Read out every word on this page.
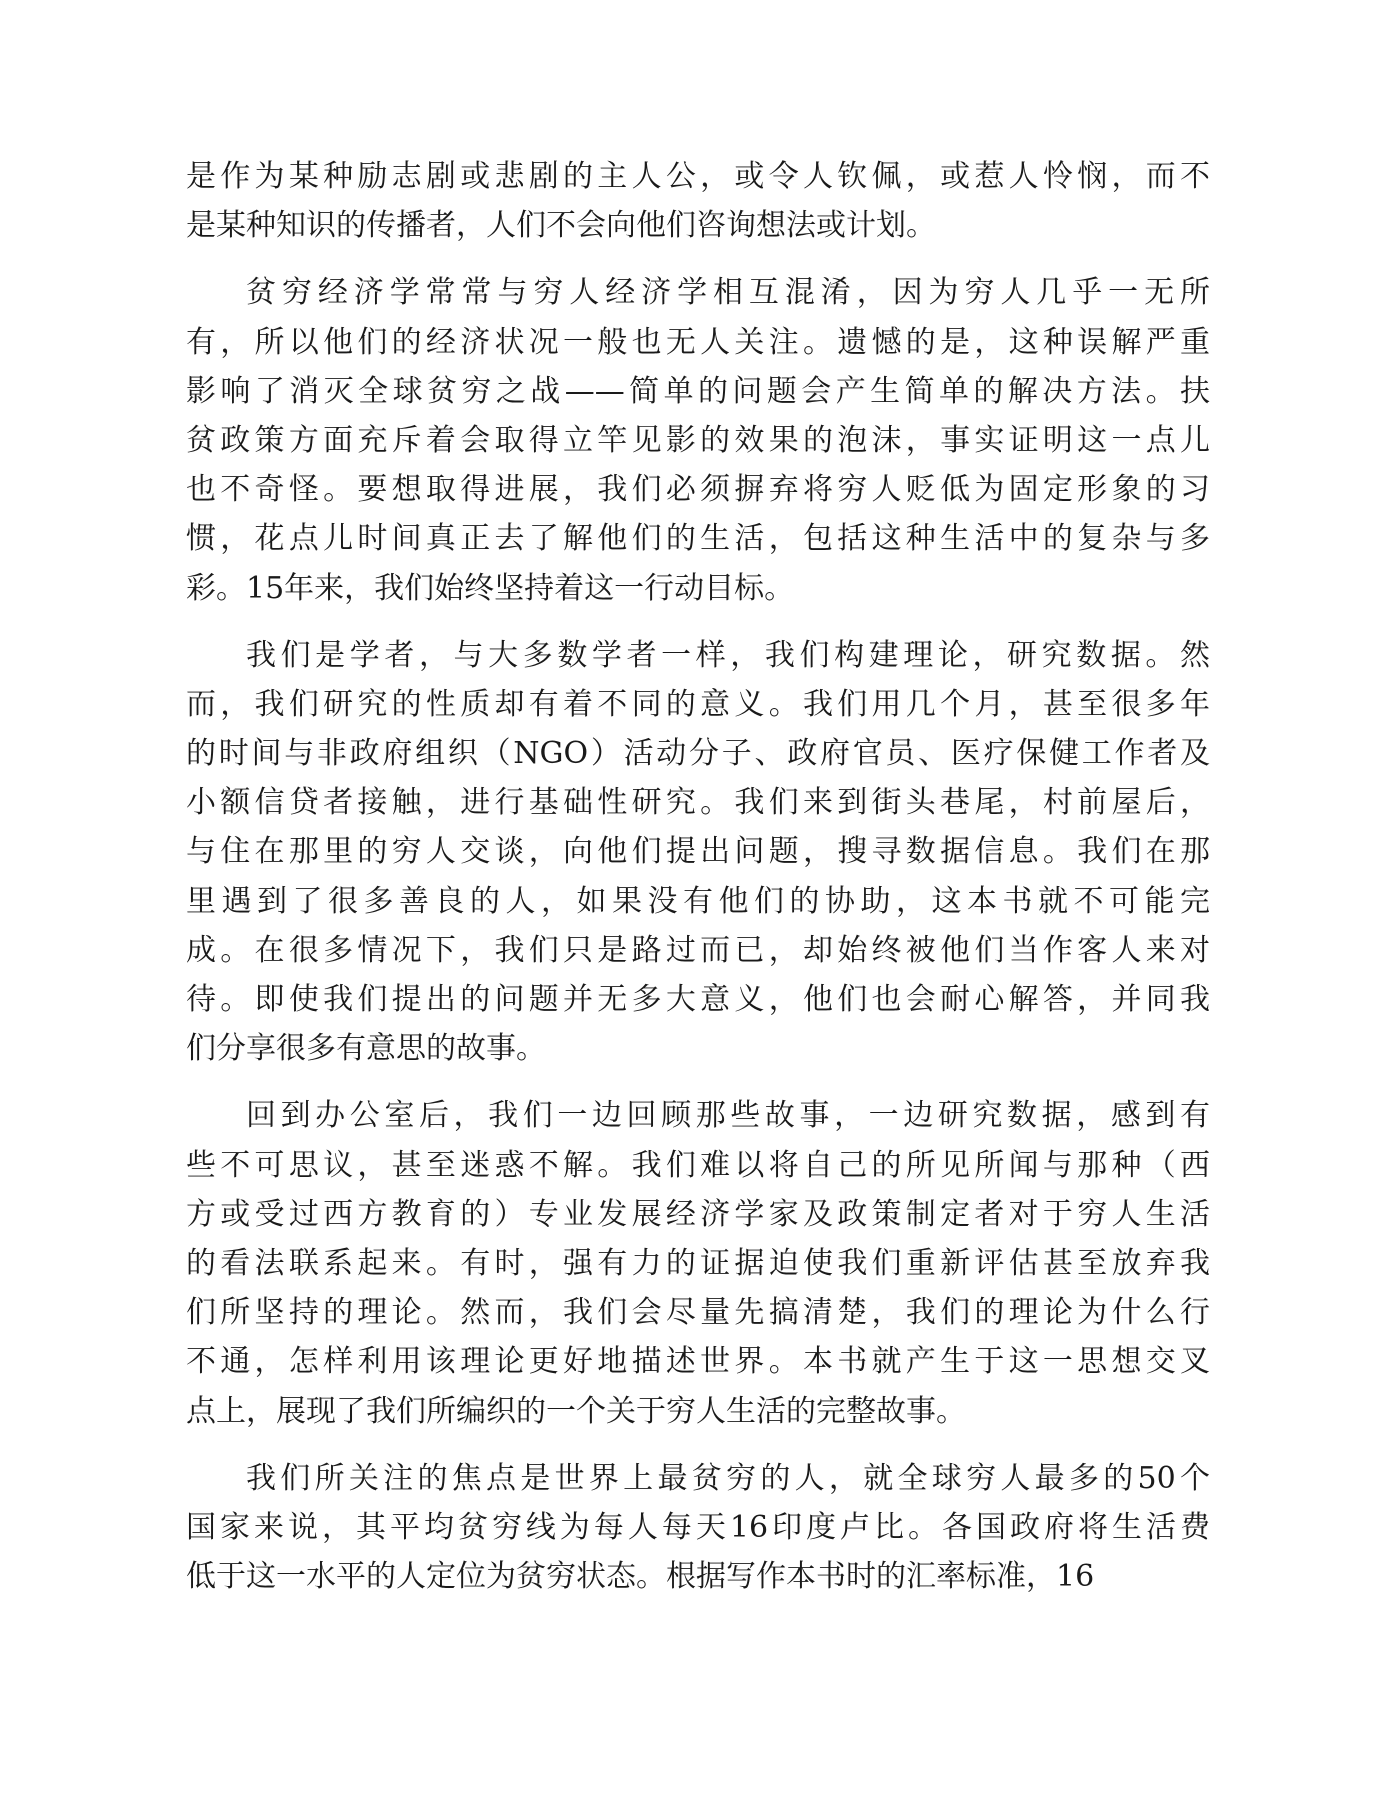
是作为某种励志剧或悲剧的主人公，或令人钦佩，或惹人怜悯，而不
是某种知识的传播者，人们不会向他们咨询想法或计划。
贫穷经济学常常与穷人经济学相互混淆，因为穷人几乎一无所
有，所以他们的经济状况一般也无人关注。遗憾的是，这种误解严重
影响了消灭全球贫穷之战——简单的问题会产生简单的解决方法。扶
贫政策方面充斥着会取得立竿见影的效果的泡沫，事实证明这一点儿
也不奇怪。要想取得进展，我们必须摒弃将穷人贬低为固定形象的习
惯，花点儿时间真正去了解他们的生活，包括这种生活中的复杂与多
彩。15年来，我们始终坚持着这一行动目标。
我们是学者，与大多数学者一样，我们构建理论，研究数据。然
而，我们研究的性质却有着不同的意义。我们用几个月，甚至很多年
的时间与非政府组织（NGO）活动分子、政府官员、医疗保健工作者及
小额信贷者接触，进行基础性研究。我们来到街头巷尾，村前屋后，
与住在那里的穷人交谈，向他们提出问题，搜寻数据信息。我们在那
里遇到了很多善良的人，如果没有他们的协助，这本书就不可能完
成。在很多情况下，我们只是路过而已，却始终被他们当作客人来对
待。即使我们提出的问题并无多大意义，他们也会耐心解答，并同我
们分享很多有意思的故事。
回到办公室后，我们一边回顾那些故事，一边研究数据，感到有
些不可思议，甚至迷惑不解。我们难以将自己的所见所闻与那种（西
方或受过西方教育的）专业发展经济学家及政策制定者对于穷人生活
的看法联系起来。有时，强有力的证据迫使我们重新评估甚至放弃我
们所坚持的理论。然而，我们会尽量先搞清楚，我们的理论为什么行
不通，怎样利用该理论更好地描述世界。本书就产生于这一思想交叉
点上，展现了我们所编织的一个关于穷人生活的完整故事。
我们所关注的焦点是世界上最贫穷的人，就全球穷人最多的50个
国家来说，其平均贫穷线为每人每天16印度卢比。各国政府将生活费
低于这一水平的人定位为贫穷状态。根据写作本书时的汇率标准，16
